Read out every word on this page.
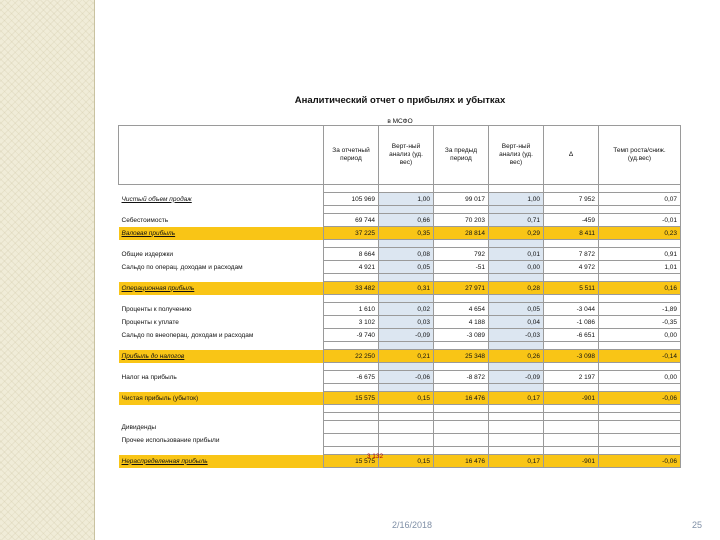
Аналитический отчет о прибылях и убытках
в МСФО
	За отчетный период	Верт-ный анализ (уд. вес)	За предыд период	Верт-ный анализ (уд. вес)	Δ	Темп роста/сниж. (уд.вес)

Чистый объем продаж	105 969	1,00	99 017	1,00	7 952	0,07

Себестоимость	69 744	0,66	70 203	0,71	-459	-0,01
Валовая прибыль	37 225	0,35	28 814	0,29	8 411	0,23

Общие издержки	8 664	0,08	792	0,01	7 872	0,91
Сальдо по операц. доходам и расходам	4 921	0,05	-51	0,00	4 972	1,01

Операционная прибыль	33 482	0,31	27 971	0,28	5 511	0,16

Проценты к получению	1 610	0,02	4 654	0,05	-3 044	-1,89
Проценты к уплате	3 102	0,03	4 188	0,04	-1 086	-0,35
Сальдо по внеоперац. доходам и расходам	-9 740	-0,09	-3 089	-0,03	-6 651	0,00

Прибыль до налогов	22 250	0,21	25 348	0,26	-3 098	-0,14

Налог на прибыль	-6 675	-0,06	-8 872	-0,09	2 197	0,00

Чистая прибыль (убыток)	15 575	0,15	16 476	0,17	-901	-0,06

Дивиденды						
Прочее использование прибыли						

Нераспределенная прибыль	15 575	0,15	16 476	0,17	-901	-0,06
3 132
2/16/2018	25
